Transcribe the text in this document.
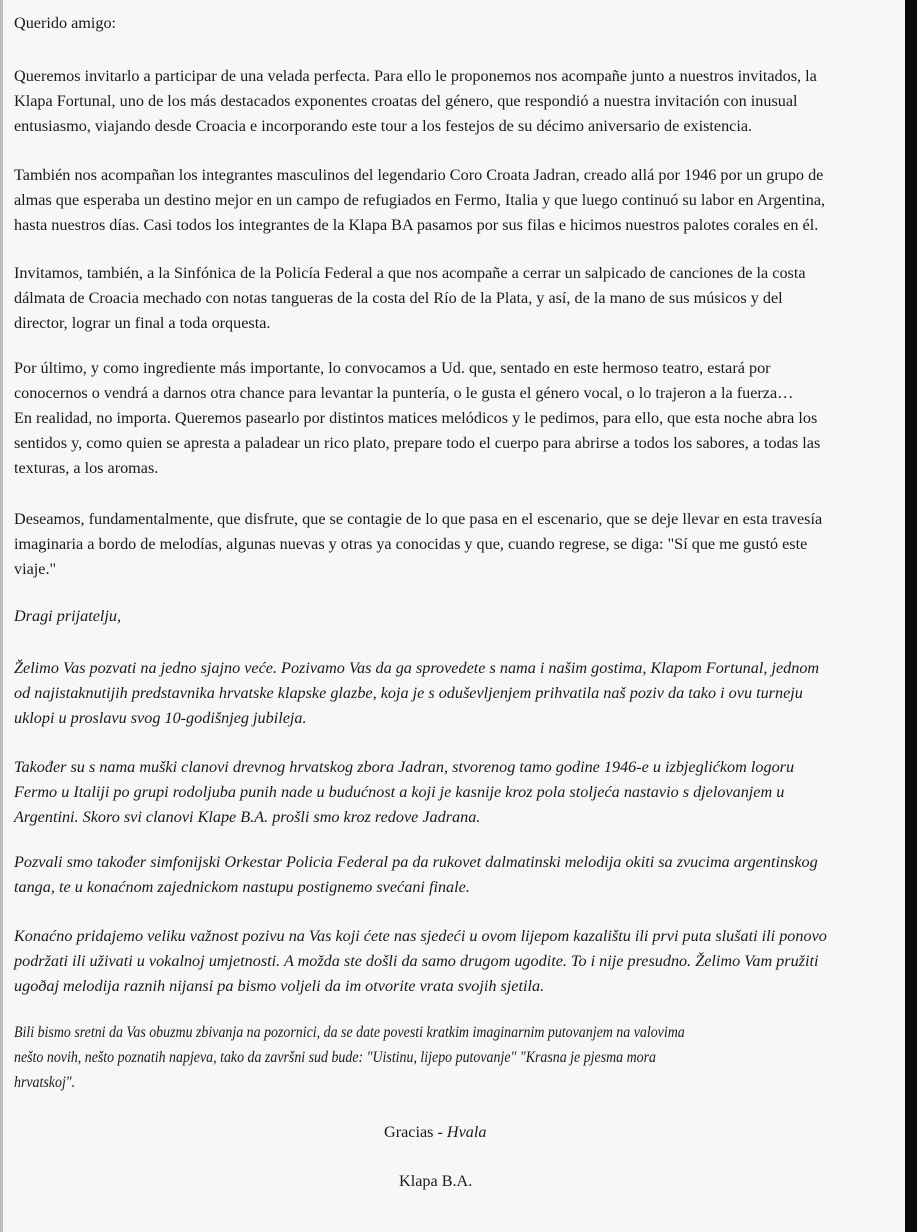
Querido amigo:
Queremos invitarlo a participar de una velada perfecta. Para ello le proponemos nos acompañe junto a nuestros invitados, la
Klapa Fortunal, uno de los más destacados exponentes croatas del género, que respondió a nuestra invitación con inusual
entusiasmo, viajando desde Croacia e incorporando este tour a los festejos de su décimo aniversario de existencia.
También nos acompañan los integrantes masculinos del legendario Coro Croata Jadran, creado allá por 1946 por un grupo de
almas que esperaba un destino mejor en un campo de refugiados en Fermo, Italia y que luego continuó su labor en Argentina,
hasta nuestros días. Casi todos los integrantes de la Klapa BA pasamos por sus filas e hicimos nuestros palotes corales en él.
Invitamos, también, a la Sinfónica de la Policía Federal a que nos acompañe a cerrar un salpicado de canciones de la costa
dálmata de Croacia mechado con notas tangueras de la costa del Río de la Plata, y así, de la mano de sus músicos y del
director, lograr un final a toda orquesta.
Por último, y como ingrediente más importante, lo convocamos a Ud. que, sentado en este hermoso teatro, estará por
conocernos o vendrá a darnos otra chance para levantar la puntería, o le gusta el género vocal, o lo trajeron a la fuerza…
En realidad, no importa. Queremos pasearlo por distintos matices melódicos y le pedimos, para ello, que esta noche abra los
sentidos y, como quien se apresta a paladear un rico plato, prepare todo el cuerpo para abrirse a todos los sabores, a todas las
texturas, a los aromas.
Deseamos, fundamentalmente, que disfrute, que se contagie de lo que pasa en el escenario, que se deje llevar en esta travesía
imaginaria a bordo de melodías, algunas nuevas y otras ya conocidas y que, cuando regrese, se diga: "Sí que me gustó este
viaje."
Dragi prijatelju,
Želimo Vas pozvati na jedno sjajno veće. Pozivamo Vas da ga sprovedete s nama i našim gostima, Klapom Fortunal, jednom
od najistaknutijih predstavnika hrvatske klapske glazbe, koja je s oduševljenjem prihvatila naš poziv da tako i ovu turneju
uklopi u proslavu svog 10-godišnjeg jubileja.
Također su s nama muški clanovi drevnog hrvatskog zbora Jadran, stvorenog tamo godine 1946-e u izbjeglićkom logoru
Fermo u Italiji po grupi rodoljuba punih nade u budućnost a koji je kasnije kroz pola stoljeća nastavio s djelovanjem u
Argentini. Skoro svi clanovi Klape B.A. prošli smo kroz redove Jadrana.
Pozvali smo također simfonijski Orkestar Policia Federal pa da rukovet dalmatinski melodija okiti sa zvucima argentinskog
tanga, te u konaćnom zajednickom nastupu postignemo svećani finale.
Konaćno pridajemo veliku važnost pozivu na Vas koji ćete nas sjedeći u ovom lijepom kazalištu ili prvi puta slušati ili ponovo
podržati ili uživati u vokalnoj umjetnosti. A možda ste došli da samo drugom ugodite. To i nije presudno. Želimo Vam pružiti
ugoðaj melodija raznih nijansi pa bismo voljeli da im otvorite vrata svojih sjetila.
Bili bismo sretni da Vas obuzmu zbivanja na pozornici, da se date povesti kratkim imaginarnim putovanjem na valovima
nešto novih, nešto poznatih napjeva, tako da završni sud bude: "Uistinu, lijepo putovanje" "Krasna je pjesma mora
hrvatskoj".
Gracias - Hvala
Klapa B.A.
